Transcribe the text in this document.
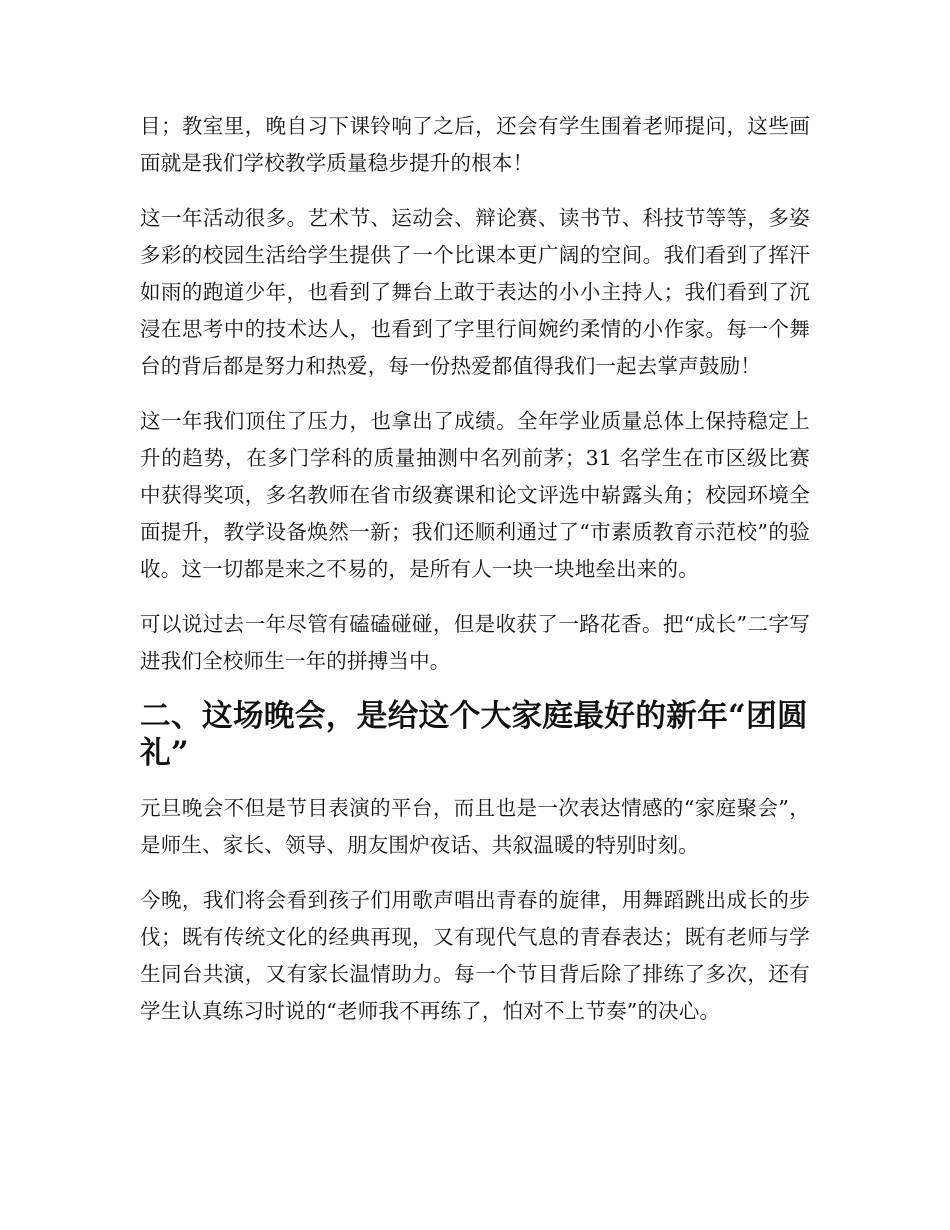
目；教室里，晚自习下课铃响了之后，还会有学生围着老师提问，这些画面就是我们学校教学质量稳步提升的根本！

这一年活动很多。艺术节、运动会、辩论赛、读书节、科技节等等，多姿多彩的校园生活给学生提供了一个比课本更广阔的空间。我们看到了挥汗如雨的跑道少年，也看到了舞台上敢于表达的小小主持人；我们看到了沉浸在思考中的技术达人，也看到了字里行间婉约柔情的小作家。每一个舞台的背后都是努力和热爱，每一份热爱都值得我们一起去掌声鼓励！

这一年我们顶住了压力，也拿出了成绩。全年学业质量总体上保持稳定上升的趋势，在多门学科的质量抽测中名列前茅；31 名学生在市区级比赛中获得奖项，多名教师在省市级赛课和论文评选中崭露头角；校园环境全面提升，教学设备焕然一新；我们还顺利通过了“市素质教育示范校”的验收。这一切都是来之不易的，是所有人一块一块地垒出来的。

可以说过去一年尽管有磕磕碰碰，但是收获了一路花香。把“成长”二字写进我们全校师生一年的拼搏当中。

二、这场晚会，是给这个大家庭最好的新年“团圆礼”

元旦晚会不但是节目表演的平台，而且也是一次表达情感的“家庭聚会”，是师生、家长、领导、朋友围炉夜话、共叙温暖的特别时刻。

今晚，我们将会看到孩子们用歌声唱出青春的旋律，用舞蹈跳出成长的步伐；既有传统文化的经典再现，又有现代气息的青春表达；既有老师与学生同台共演，又有家长温情助力。每一个节目背后除了排练了多次，还有学生认真练习时说的“老师我不再练了，怕对不上节奏”的决心。
